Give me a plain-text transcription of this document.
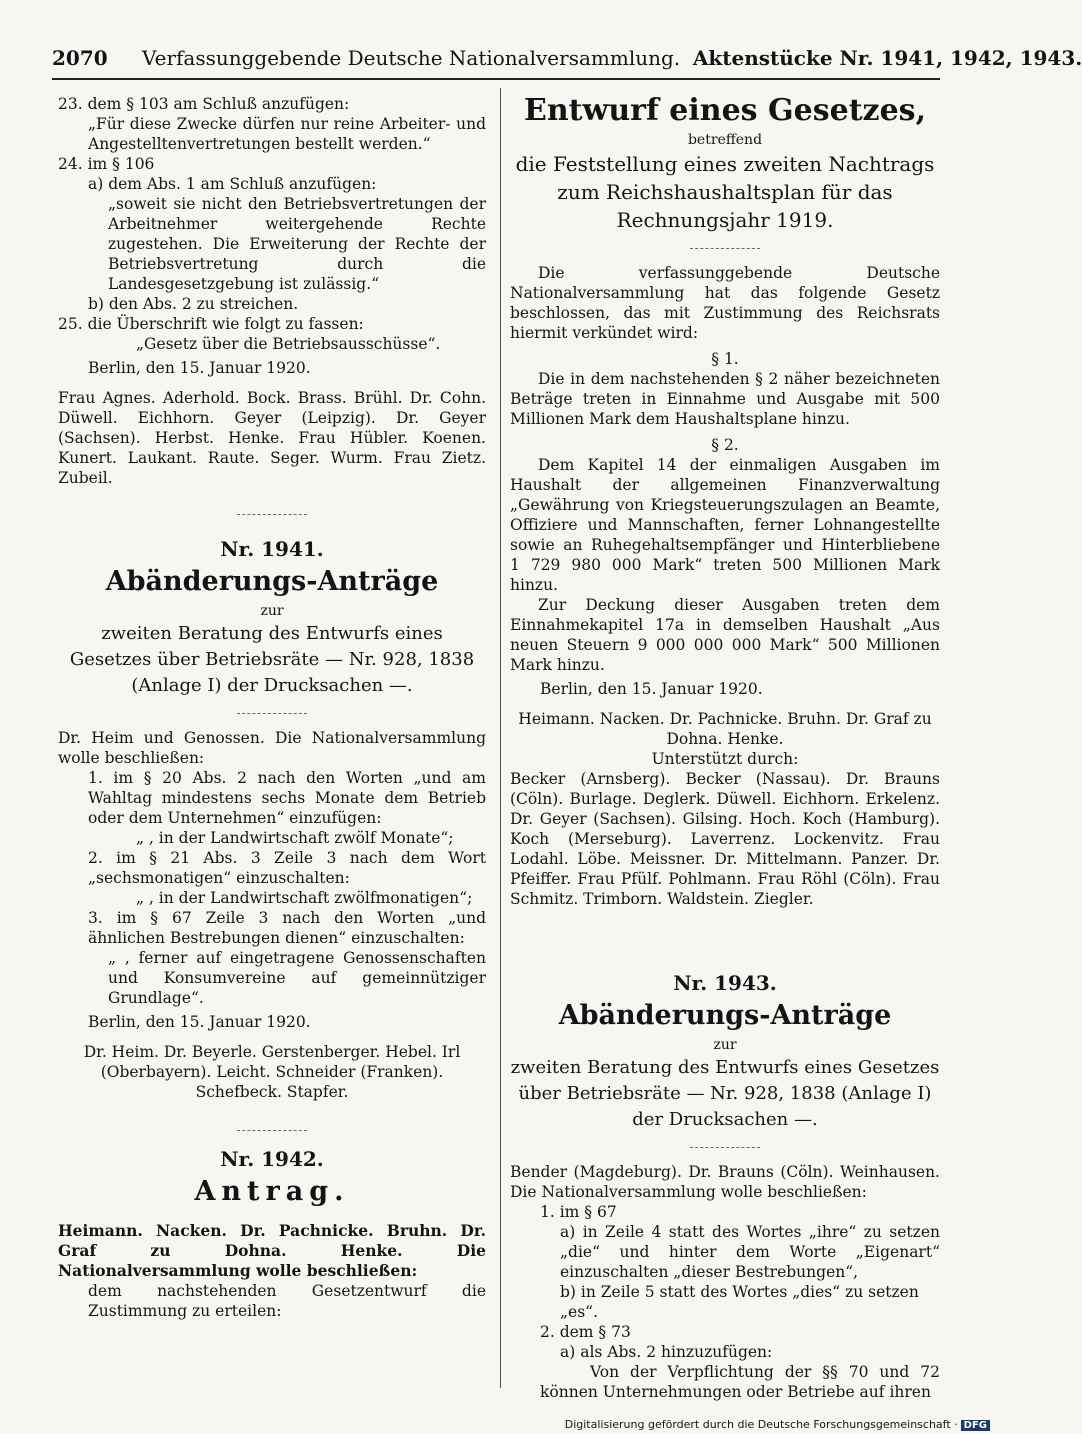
2070 Verfassunggebende Deutsche Nationalversammlung. Aktenstücke Nr. 1941, 1942, 1943.

23. dem § 103 am Schluß anzufügen:

„Für diese Zwecke dürfen nur reine Arbeiter- und Angestelltenvertretungen bestellt werden.“

24. im § 106

a) dem Abs. 1 am Schluß anzufügen:

„soweit sie nicht den Betriebsvertretungen der Arbeitnehmer weitergehende Rechte zugestehen. Die Erweiterung der Rechte der Betriebsvertretung durch die Landesgesetzgebung ist zulässig.“

b) den Abs. 2 zu streichen.

25. die Überschrift wie folgt zu fassen:

„Gesetz über die Betriebsausschüsse“.

Berlin, den 15. Januar 1920.

Frau Agnes. Aderhold. Bock. Brass. Brühl. Dr. Cohn. Düwell. Eichhorn. Geyer (Leipzig). Dr. Geyer (Sachsen). Herbst. Henke. Frau Hübler. Koenen. Kunert. Laukant. Raute. Seger. Wurm. Frau Zietz. Zubeil.

Nr. 1941.

Abänderungs-Anträge

zur

zweiten Beratung des Entwurfs eines Gesetzes über Betriebsräte — Nr. 928, 1838 (Anlage I) der Drucksachen —.

Dr. Heim und Genossen. Die Nationalversammlung wolle beschließen:

1. im § 20 Abs. 2 nach den Worten „und am Wahltag mindestens sechs Monate dem Betrieb oder dem Unternehmen“ einzufügen:

„ , in der Landwirtschaft zwölf Monate“;

2. im § 21 Abs. 3 Zeile 3 nach dem Wort „sechsmonatigen“ einzuschalten:

„ , in der Landwirtschaft zwölfmonatigen“;

3. im § 67 Zeile 3 nach den Worten „und ähnlichen Bestrebungen dienen“ einzuschalten:

„ , ferner auf eingetragene Genossenschaften und Konsumvereine auf gemeinnütziger Grundlage“.

Berlin, den 15. Januar 1920.

Dr. Heim. Dr. Beyerle. Gerstenberger. Hebel. Irl (Oberbayern). Leicht. Schneider (Franken). Schefbeck. Stapfer.

Nr. 1942.

Antrag.

Heimann. Nacken. Dr. Pachnicke. Bruhn. Dr. Graf zu Dohna. Henke. Die Nationalversammlung wolle beschließen:

dem nachstehenden Gesetzentwurf die Zustimmung zu erteilen:

Entwurf eines Gesetzes,

betreffend

die Feststellung eines zweiten Nachtrags zum Reichshaushaltsplan für das Rechnungsjahr 1919.

Die verfassunggebende Deutsche Nationalversammlung hat das folgende Gesetz beschlossen, das mit Zustimmung des Reichsrats hiermit verkündet wird:

§ 1.

Die in dem nachstehenden § 2 näher bezeichneten Beträge treten in Einnahme und Ausgabe mit 500 Millionen Mark dem Haushaltsplane hinzu.

§ 2.

Dem Kapitel 14 der einmaligen Ausgaben im Haushalt der allgemeinen Finanzverwaltung „Gewährung von Kriegsteuerungszulagen an Beamte, Offiziere und Mannschaften, ferner Lohnangestellte sowie an Ruhegehaltsempfänger und Hinterbliebene 1 729 980 000 Mark“ treten 500 Millionen Mark hinzu.

Zur Deckung dieser Ausgaben treten dem Einnahmekapitel 17a in demselben Haushalt „Aus neuen Steuern 9 000 000 000 Mark“ 500 Millionen Mark hinzu.

Berlin, den 15. Januar 1920.

Heimann. Nacken. Dr. Pachnicke. Bruhn. Dr. Graf zu Dohna. Henke.

Unterstützt durch:

Becker (Arnsberg). Becker (Nassau). Dr. Brauns (Cöln). Burlage. Deglerk. Düwell. Eichhorn. Erkelenz. Dr. Geyer (Sachsen). Gilsing. Hoch. Koch (Hamburg). Koch (Merseburg). Laverrenz. Lockenvitz. Frau Lodahl. Löbe. Meissner. Dr. Mittelmann. Panzer. Dr. Pfeiffer. Frau Pfülf. Pohlmann. Frau Röhl (Cöln). Frau Schmitz. Trimborn. Waldstein. Ziegler.

Nr. 1943.

Abänderungs-Anträge

zur

zweiten Beratung des Entwurfs eines Gesetzes über Betriebsräte — Nr. 928, 1838 (Anlage I) der Drucksachen —.

Bender (Magdeburg). Dr. Brauns (Cöln). Weinhausen. Die Nationalversammlung wolle beschließen:

1. im § 67

a) in Zeile 4 statt des Wortes „ihre“ zu setzen „die“ und hinter dem Worte „Eigenart“ einzuschalten „dieser Bestrebungen“,

b) in Zeile 5 statt des Wortes „dies“ zu setzen „es“.

2. dem § 73

a) als Abs. 2 hinzuzufügen:

Von der Verpflichtung der §§ 70 und 72 können Unternehmungen oder Betriebe auf ihren

Digitalisierung gefördert durch die Deutsche Forschungsgemeinschaft · DFG
